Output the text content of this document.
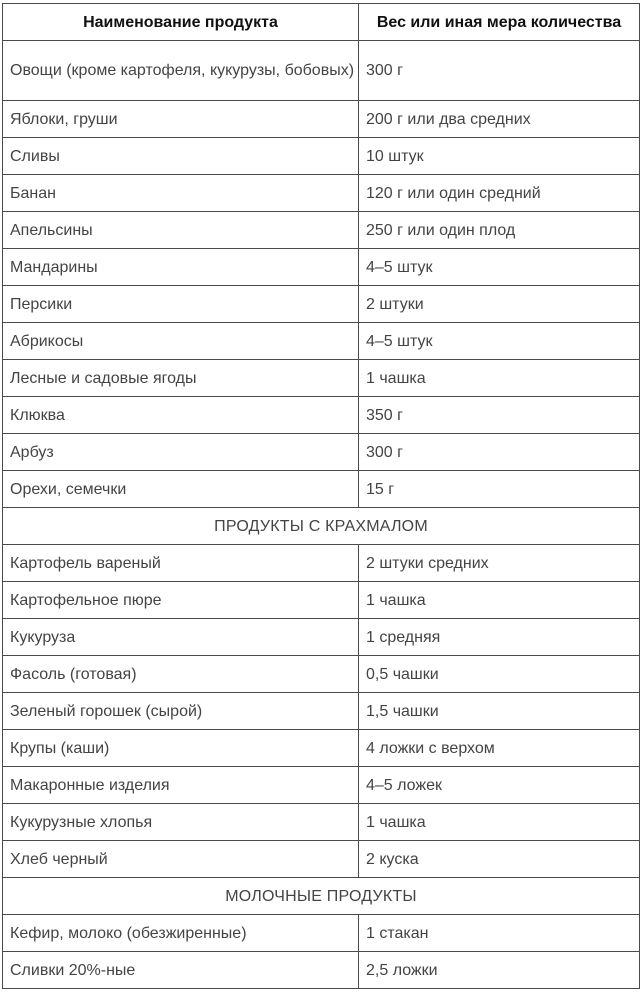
Наименование продукта	Вес или иная мера количества
Овощи (кроме картофеля, кукурузы, бобовых)	300 г
Яблоки, груши	200 г или два средних
Сливы	10 штук
Банан	120 г или один средний
Апельсины	250 г или один плод
Мандарины	4–5 штук
Персики	2 штуки
Абрикосы	4–5 штук
Лесные и садовые ягоды	1 чашка
Клюква	350 г
Арбуз	300 г
Орехи, семечки	15 г
ПРОДУКТЫ С КРАХМАЛОМ	
Картофель вареный	2 штуки средних
Картофельное пюре	1 чашка
Кукуруза	1 средняя
Фасоль (готовая)	0,5 чашки
Зеленый горошек (сырой)	1,5 чашки
Крупы (каши)	4 ложки с верхом
Макаронные изделия	4–5 ложек
Кукурузные хлопья	1 чашка
Хлеб черный	2 куска
МОЛОЧНЫЕ ПРОДУКТЫ	
Кефир, молоко (обезжиренные)	1 стакан
Сливки 20%-ные	2,5 ложки
